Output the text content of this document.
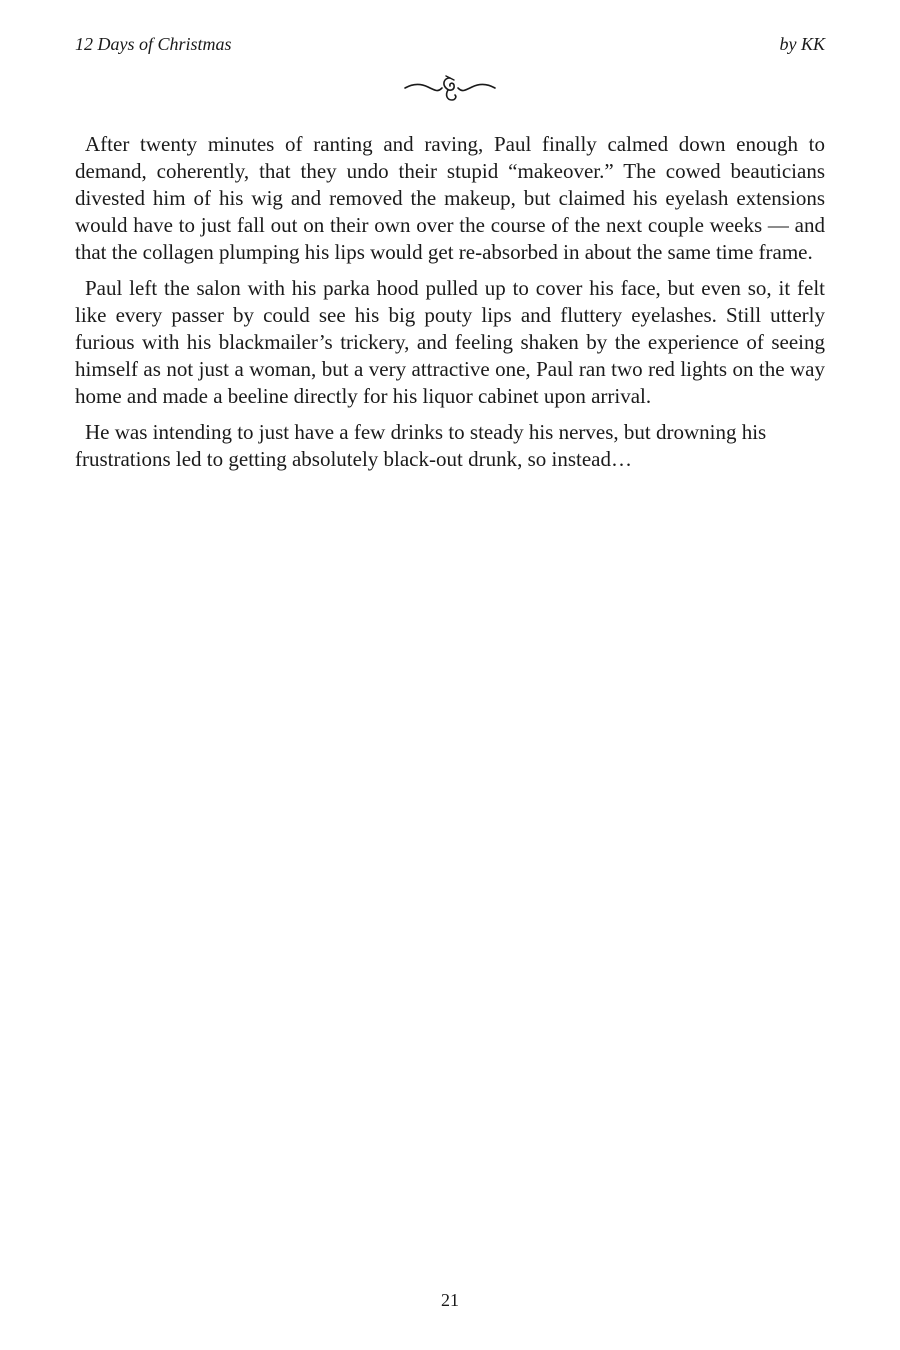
12 Days of Christmas	by KK

After twenty minutes of ranting and raving, Paul finally calmed down enough to demand, coherently, that they undo their stupid “makeover.” The cowed beauticians divested him of his wig and removed the makeup, but claimed his eyelash extensions would have to just fall out on their own over the course of the next couple weeks — and that the collagen plumping his lips would get re-absorbed in about the same time frame.

Paul left the salon with his parka hood pulled up to cover his face, but even so, it felt like every passer by could see his big pouty lips and fluttery eyelashes. Still utterly furious with his blackmailer’s trickery, and feeling shaken by the experience of seeing himself as not just a woman, but a very attractive one, Paul ran two red lights on the way home and made a beeline directly for his liquor cabinet upon arrival.

He was intending to just have a few drinks to steady his nerves, but drowning his frustrations led to getting absolutely black-out drunk, so instead…

21
